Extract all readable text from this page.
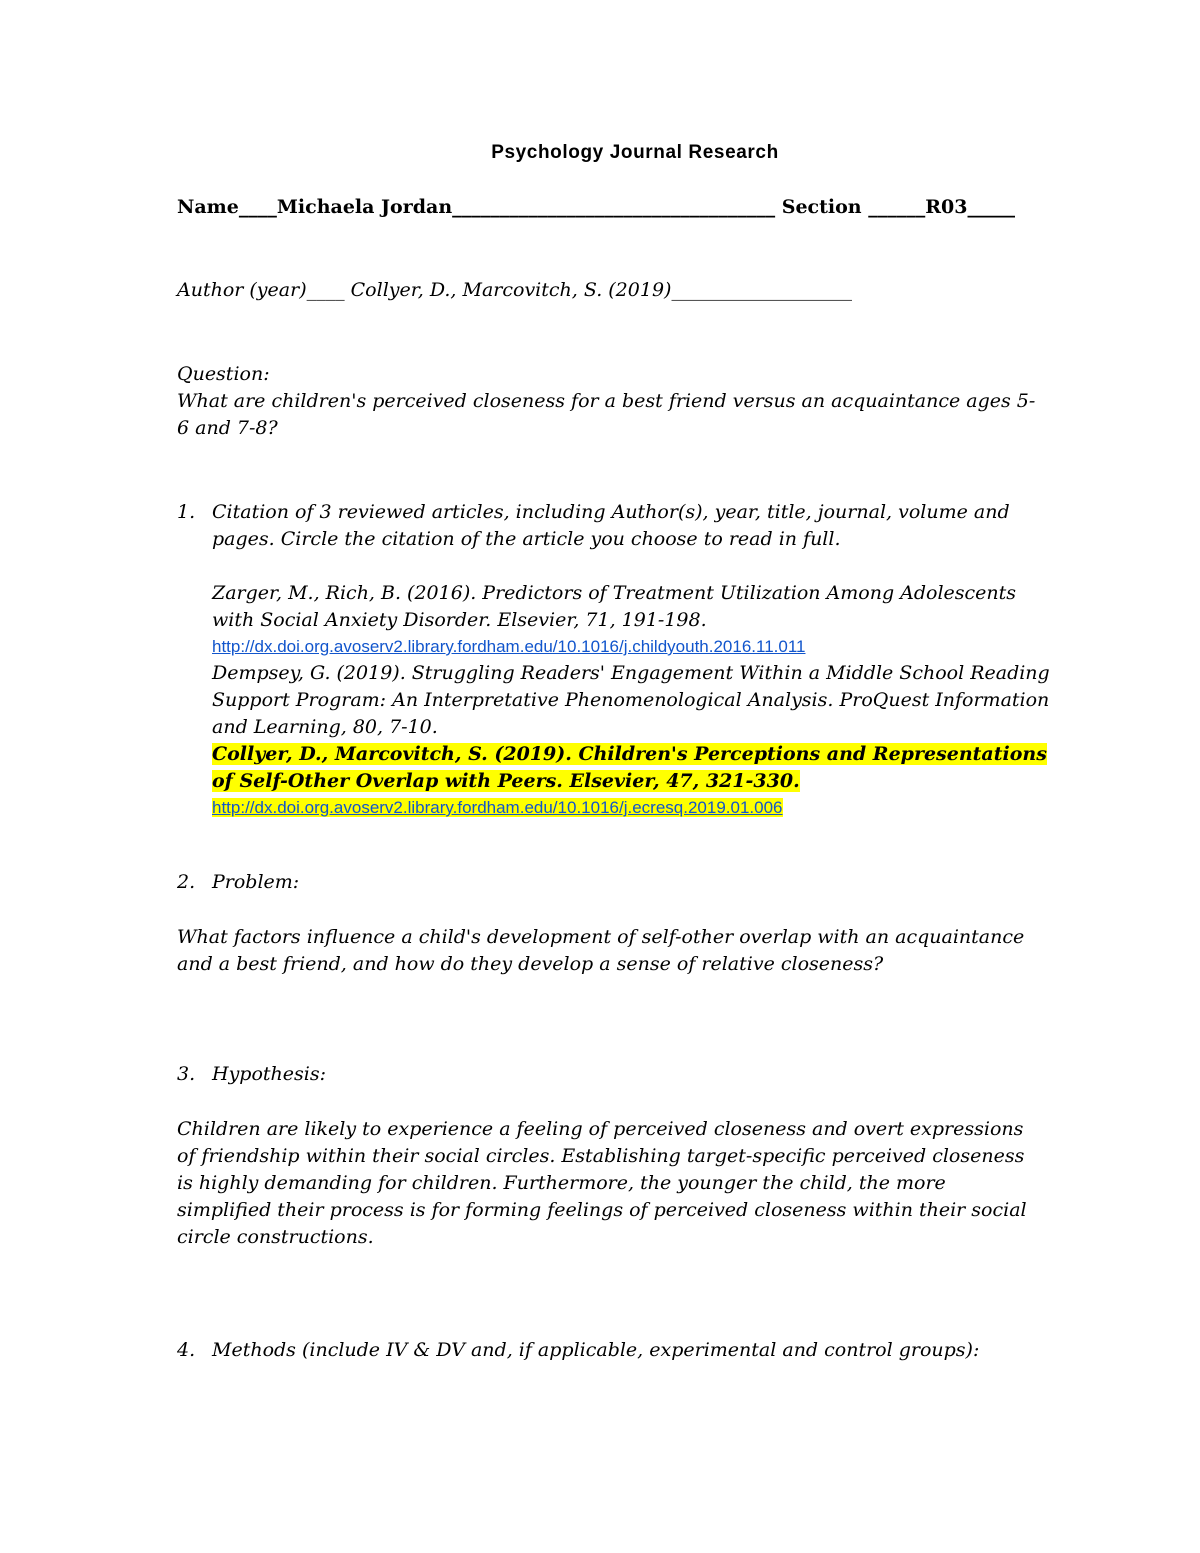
Psychology Journal Research
Name____Michaela Jordan__________________________________ Section ______R03_____
Author (year)____ Collyer, D., Marcovitch, S. (2019)___________________
Question:
What are children's perceived closeness for a best friend versus an acquaintance ages 5-6 and 7-8?
1. Citation of 3 reviewed articles, including Author(s), year, title, journal, volume and pages. Circle the citation of the article you choose to read in full.
Zarger, M., Rich, B. (2016). Predictors of Treatment Utilization Among Adolescents with Social Anxiety Disorder. Elsevier, 71, 191-198.
http://dx.doi.org.avoserv2.library.fordham.edu/10.1016/j.childyouth.2016.11.011
Dempsey, G. (2019). Struggling Readers' Engagement Within a Middle School Reading Support Program: An Interpretative Phenomenological Analysis. ProQuest Information and Learning, 80, 7-10.
Collyer, D., Marcovitch, S. (2019). Children's Perceptions and Representations of Self-Other Overlap with Peers. Elsevier, 47, 321-330.
http://dx.doi.org.avoserv2.library.fordham.edu/10.1016/j.ecresq.2019.01.006
2. Problem:
What factors influence a child's development of self-other overlap with an acquaintance and a best friend, and how do they develop a sense of relative closeness?
3. Hypothesis:
Children are likely to experience a feeling of perceived closeness and overt expressions of friendship within their social circles. Establishing target-specific perceived closeness is highly demanding for children. Furthermore, the younger the child, the more simplified their process is for forming feelings of perceived closeness within their social circle constructions.
4. Methods (include IV & DV and, if applicable, experimental and control groups):
